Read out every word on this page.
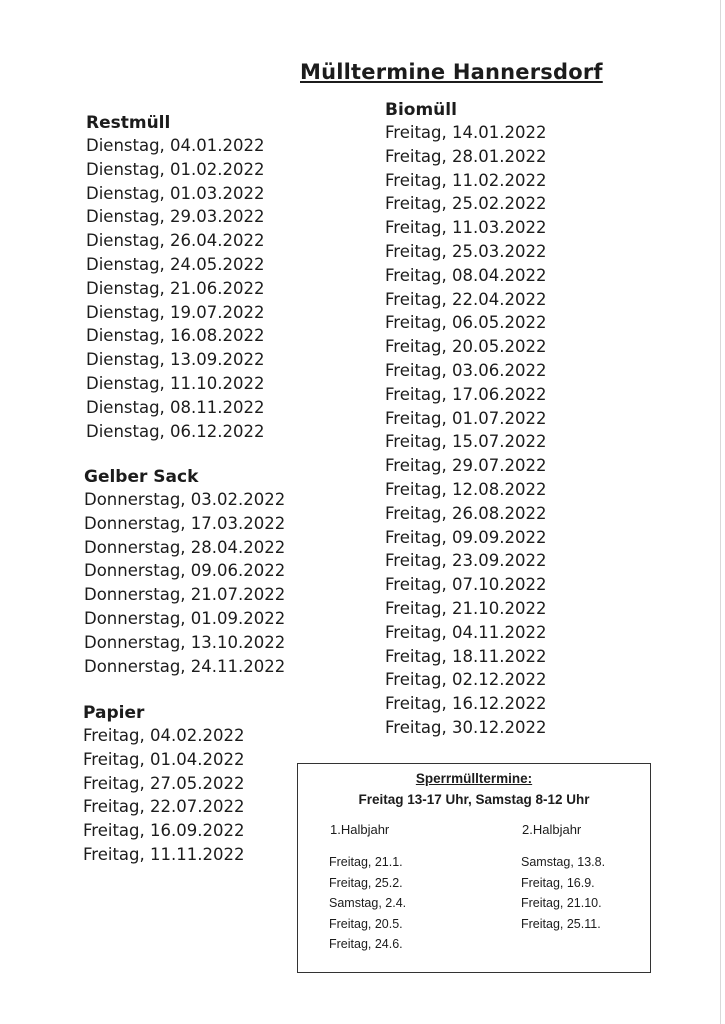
Mülltermine Hannersdorf
Restmüll
Dienstag, 04.01.2022
Dienstag, 01.02.2022
Dienstag, 01.03.2022
Dienstag, 29.03.2022
Dienstag, 26.04.2022
Dienstag, 24.05.2022
Dienstag, 21.06.2022
Dienstag, 19.07.2022
Dienstag, 16.08.2022
Dienstag, 13.09.2022
Dienstag, 11.10.2022
Dienstag, 08.11.2022
Dienstag, 06.12.2022
Gelber Sack
Donnerstag, 03.02.2022
Donnerstag, 17.03.2022
Donnerstag, 28.04.2022
Donnerstag, 09.06.2022
Donnerstag, 21.07.2022
Donnerstag, 01.09.2022
Donnerstag, 13.10.2022
Donnerstag, 24.11.2022
Papier
Freitag, 04.02.2022
Freitag, 01.04.2022
Freitag, 27.05.2022
Freitag, 22.07.2022
Freitag, 16.09.2022
Freitag, 11.11.2022
Biomüll
Freitag, 14.01.2022
Freitag, 28.01.2022
Freitag, 11.02.2022
Freitag, 25.02.2022
Freitag, 11.03.2022
Freitag, 25.03.2022
Freitag, 08.04.2022
Freitag, 22.04.2022
Freitag, 06.05.2022
Freitag, 20.05.2022
Freitag, 03.06.2022
Freitag, 17.06.2022
Freitag, 01.07.2022
Freitag, 15.07.2022
Freitag, 29.07.2022
Freitag, 12.08.2022
Freitag, 26.08.2022
Freitag, 09.09.2022
Freitag, 23.09.2022
Freitag, 07.10.2022
Freitag, 21.10.2022
Freitag, 04.11.2022
Freitag, 18.11.2022
Freitag, 02.12.2022
Freitag, 16.12.2022
Freitag, 30.12.2022
Sperrmülltermine:
Freitag 13-17 Uhr, Samstag 8-12 Uhr
1.Halbjahr	2.Halbjahr
Freitag, 21.1.
Freitag, 25.2.
Samstag, 2.4.
Freitag, 20.5.
Freitag, 24.6.
Samstag, 13.8.
Freitag, 16.9.
Freitag, 21.10.
Freitag, 25.11.
